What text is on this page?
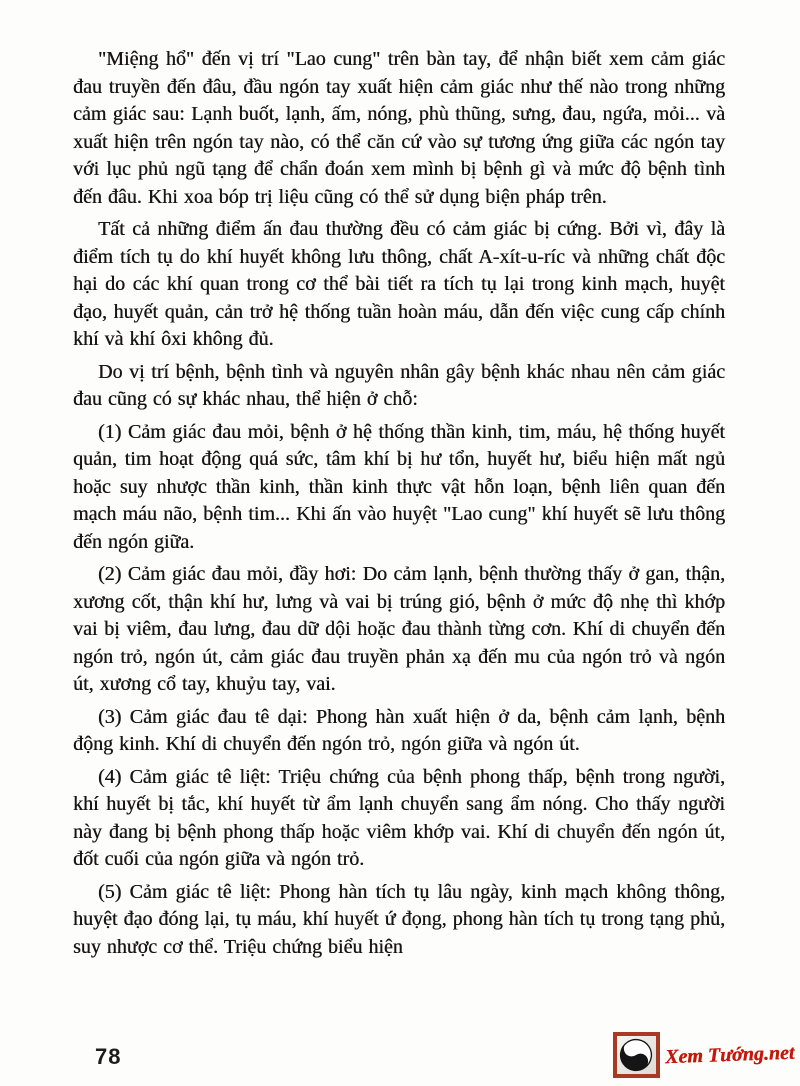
"Miệng hổ" đến vị trí "Lao cung" trên bàn tay, để nhận biết xem cảm giác đau truyền đến đâu, đầu ngón tay xuất hiện cảm giác như thế nào trong những cảm giác sau: Lạnh buốt, lạnh, ấm, nóng, phù thũng, sưng, đau, ngứa, mỏi... và xuất hiện trên ngón tay nào, có thể căn cứ vào sự tương ứng giữa các ngón tay với lục phủ ngũ tạng để chẩn đoán xem mình bị bệnh gì và mức độ bệnh tình đến đâu. Khi xoa bóp trị liệu cũng có thể sử dụng biện pháp trên.

Tất cả những điểm ấn đau thường đều có cảm giác bị cứng. Bởi vì, đây là điểm tích tụ do khí huyết không lưu thông, chất A-xít-u-ríc và những chất độc hại do các khí quan trong cơ thể bài tiết ra tích tụ lại trong kinh mạch, huyệt đạo, huyết quản, cản trở hệ thống tuần hoàn máu, dẫn đến việc cung cấp chính khí và khí ôxi không đủ.

Do vị trí bệnh, bệnh tình và nguyên nhân gây bệnh khác nhau nên cảm giác đau cũng có sự khác nhau, thể hiện ở chỗ:

(1) Cảm giác đau mỏi, bệnh ở hệ thống thần kinh, tim, máu, hệ thống huyết quản, tim hoạt động quá sức, tâm khí bị hư tổn, huyết hư, biểu hiện mất ngủ hoặc suy nhược thần kinh, thần kinh thực vật hỗn loạn, bệnh liên quan đến mạch máu não, bệnh tim... Khi ấn vào huyệt "Lao cung" khí huyết sẽ lưu thông đến ngón giữa.

(2) Cảm giác đau mỏi, đầy hơi: Do cảm lạnh, bệnh thường thấy ở gan, thận, xương cốt, thận khí hư, lưng và vai bị trúng gió, bệnh ở mức độ nhẹ thì khớp vai bị viêm, đau lưng, đau dữ dội hoặc đau thành từng cơn. Khí di chuyển đến ngón trỏ, ngón út, cảm giác đau truyền phản xạ đến mu của ngón trỏ và ngón út, xương cổ tay, khuỷu tay, vai.

(3) Cảm giác đau tê dại: Phong hàn xuất hiện ở da, bệnh cảm lạnh, bệnh động kinh. Khí di chuyển đến ngón trỏ, ngón giữa và ngón út.

(4) Cảm giác tê liệt: Triệu chứng của bệnh phong thấp, bệnh trong người, khí huyết bị tắc, khí huyết từ ẩm lạnh chuyển sang ẩm nóng. Cho thấy người này đang bị bệnh phong thấp hoặc viêm khớp vai. Khí di chuyển đến ngón út, đốt cuối của ngón giữa và ngón trỏ.

(5) Cảm giác tê liệt: Phong hàn tích tụ lâu ngày, kinh mạch không thông, huyệt đạo đóng lại, tụ máu, khí huyết ứ đọng, phong hàn tích tụ trong tạng phủ, suy nhược cơ thể. Triệu chứng biểu hiện

78	Xem Tướng.net
